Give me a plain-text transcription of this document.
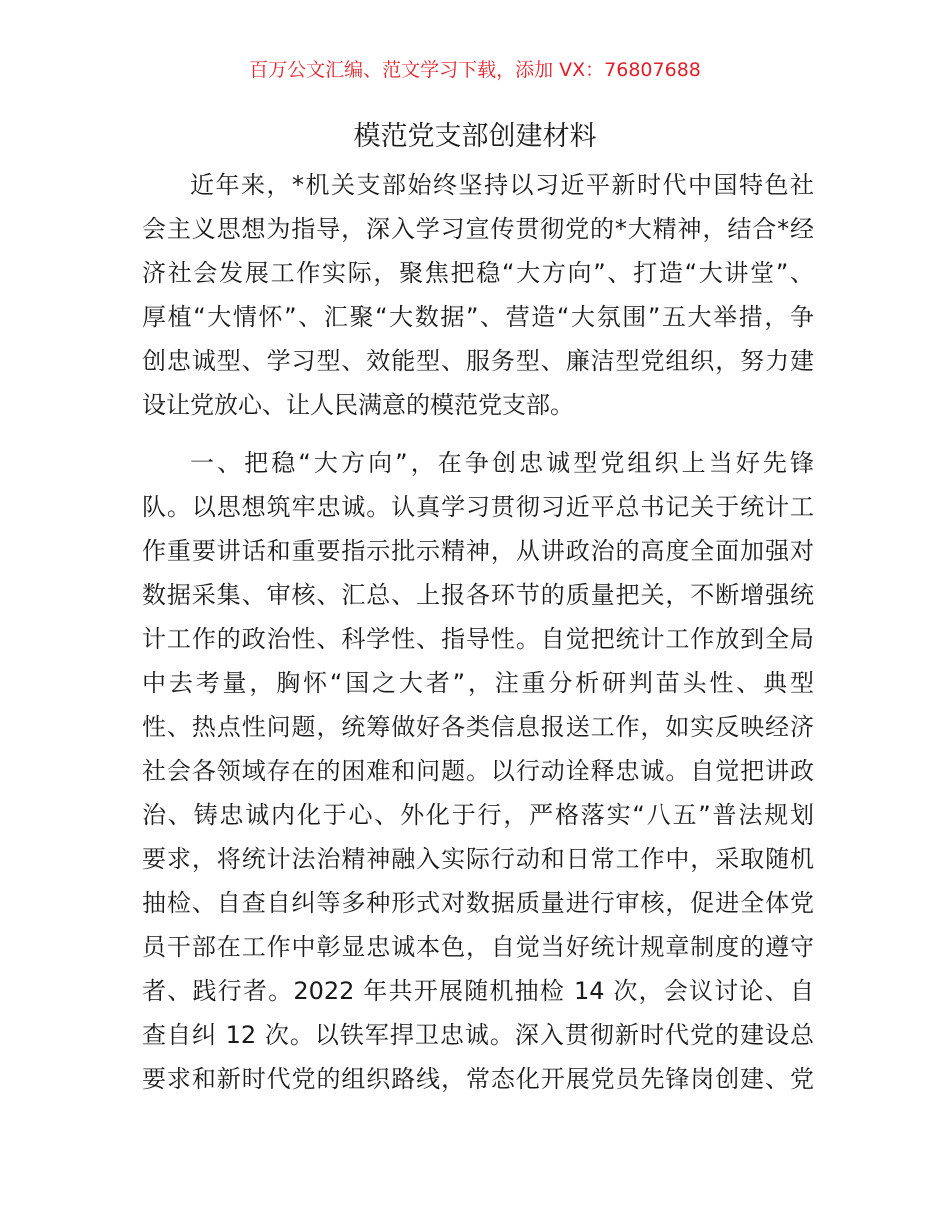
百万公文汇编、范文学习下载，添加 VX：76807688
模范党支部创建材料
近年来，*机关支部始终坚持以习近平新时代中国特色社
会主义思想为指导，深入学习宣传贯彻党的*大精神，结合*经
济社会发展工作实际，聚焦把稳“大方向”、打造“大讲堂”、
厚植“大情怀”、汇聚“大数据”、营造“大氛围”五大举措，争
创忠诚型、学习型、效能型、服务型、廉洁型党组织，努力建
设让党放心、让人民满意的模范党支部。
一、把稳“大方向”，在争创忠诚型党组织上当好先锋
队。以思想筑牢忠诚。认真学习贯彻习近平总书记关于统计工
作重要讲话和重要指示批示精神，从讲政治的高度全面加强对
数据采集、审核、汇总、上报各环节的质量把关，不断增强统
计工作的政治性、科学性、指导性。自觉把统计工作放到全局
中去考量，胸怀“国之大者”，注重分析研判苗头性、典型
性、热点性问题，统筹做好各类信息报送工作，如实反映经济
社会各领域存在的困难和问题。以行动诠释忠诚。自觉把讲政
治、铸忠诚内化于心、外化于行，严格落实“八五”普法规划
要求，将统计法治精神融入实际行动和日常工作中，采取随机
抽检、自查自纠等多种形式对数据质量进行审核，促进全体党
员干部在工作中彰显忠诚本色，自觉当好统计规章制度的遵守
者、践行者。2022 年共开展随机抽检 14 次，会议讨论、自
查自纠 12 次。以铁军捍卫忠诚。深入贯彻新时代党的建设总
要求和新时代党的组织路线，常态化开展党员先锋岗创建、党
